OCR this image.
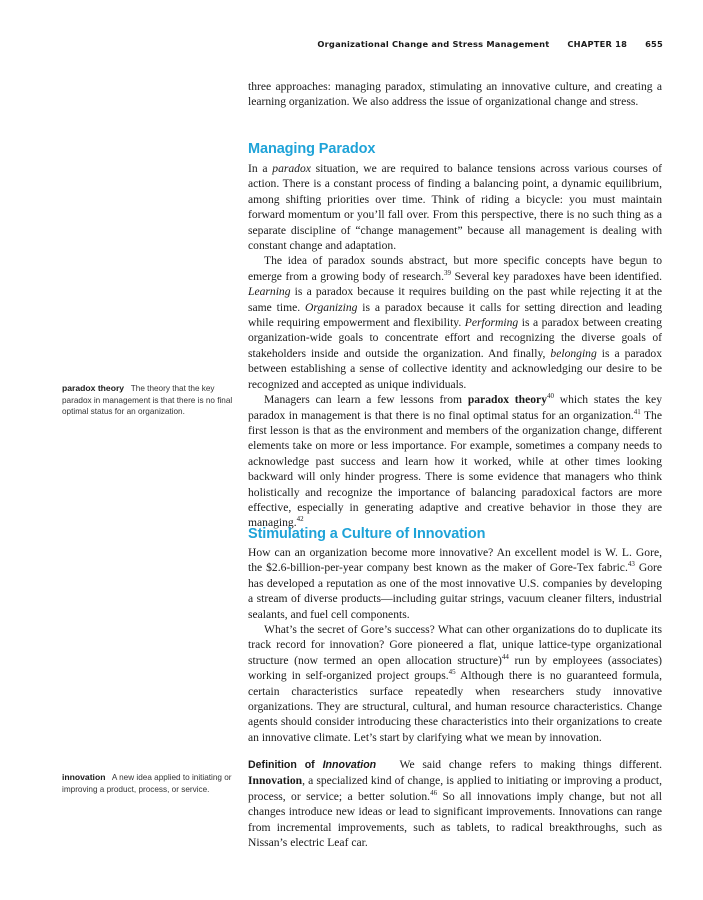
Organizational Change and Stress Management CHAPTER 18 655

three approaches: managing paradox, stimulating an innovative culture, and creating a learning organization. We also address the issue of organizational change and stress.

Managing Paradox

In a paradox situation, we are required to balance tensions across various courses of action. There is a constant process of finding a balancing point, a dynamic equilibrium, among shifting priorities over time. Think of riding a bicycle: you must maintain forward momentum or you’ll fall over. From this perspective, there is no such thing as a separate discipline of “change management” because all management is dealing with constant change and adaptation.

The idea of paradox sounds abstract, but more specific concepts have begun to emerge from a growing body of research.$^{39}$ Several key paradoxes have been identified. Learning is a paradox because it requires building on the past while rejecting it at the same time. Organizing is a paradox because it calls for setting direction and leading while requiring empowerment and flexibility. Performing is a paradox between creating organization-wide goals to concentrate effort and recognizing the diverse goals of stakeholders inside and outside the organization. And finally, belonging is a paradox between establishing a sense of collective identity and acknowledging our desire to be recognized and accepted as unique individuals.

Managers can learn a few lessons from paradox theory$^{40}$ which states the key paradox in management is that there is no final optimal status for an organization.$^{41}$ The first lesson is that as the environment and members of the organization change, different elements take on more or less importance. For example, sometimes a company needs to acknowledge past success and learn how it worked, while at other times looking backward will only hinder progress. There is some evidence that managers who think holistically and recognize the importance of balancing paradoxical factors are more effective, especially in generating adaptive and creative behavior in those they are managing.$^{42}$

paradox theory The theory that the key paradox in management is that there is no final optimal status for an organization.
Stimulating a Culture of Innovation

How can an organization become more innovative? An excellent model is W. L. Gore, the $2.6-billion-per-year company best known as the maker of Gore-Tex fabric.$^{43}$ Gore has developed a reputation as one of the most innovative U.S. companies by developing a stream of diverse products—including guitar strings, vacuum cleaner filters, industrial sealants, and fuel cell components.

What’s the secret of Gore’s success? What can other organizations do to duplicate its track record for innovation? Gore pioneered a flat, unique lattice-type organizational structure (now termed an open allocation structure)$^{44}$ run by employees (associates) working in self-organized project groups.$^{45}$ Although there is no guaranteed formula, certain characteristics surface repeatedly when researchers study innovative organizations. They are structural, cultural, and human resource characteristics. Change agents should consider introducing these characteristics into their organizations to create an innovative climate. Let’s start by clarifying what we mean by innovation.

Definition of Innovation We said change refers to making things different. Innovation, a specialized kind of change, is applied to initiating or improving a product, process, or service; a better solution.$^{46}$ So all innovations imply change, but not all changes introduce new ideas or lead to significant improvements. Innovations can range from incremental improvements, such as tablets, to radical breakthroughs, such as Nissan’s electric Leaf car.

innovation A new idea applied to initiating or improving a product, process, or service.
